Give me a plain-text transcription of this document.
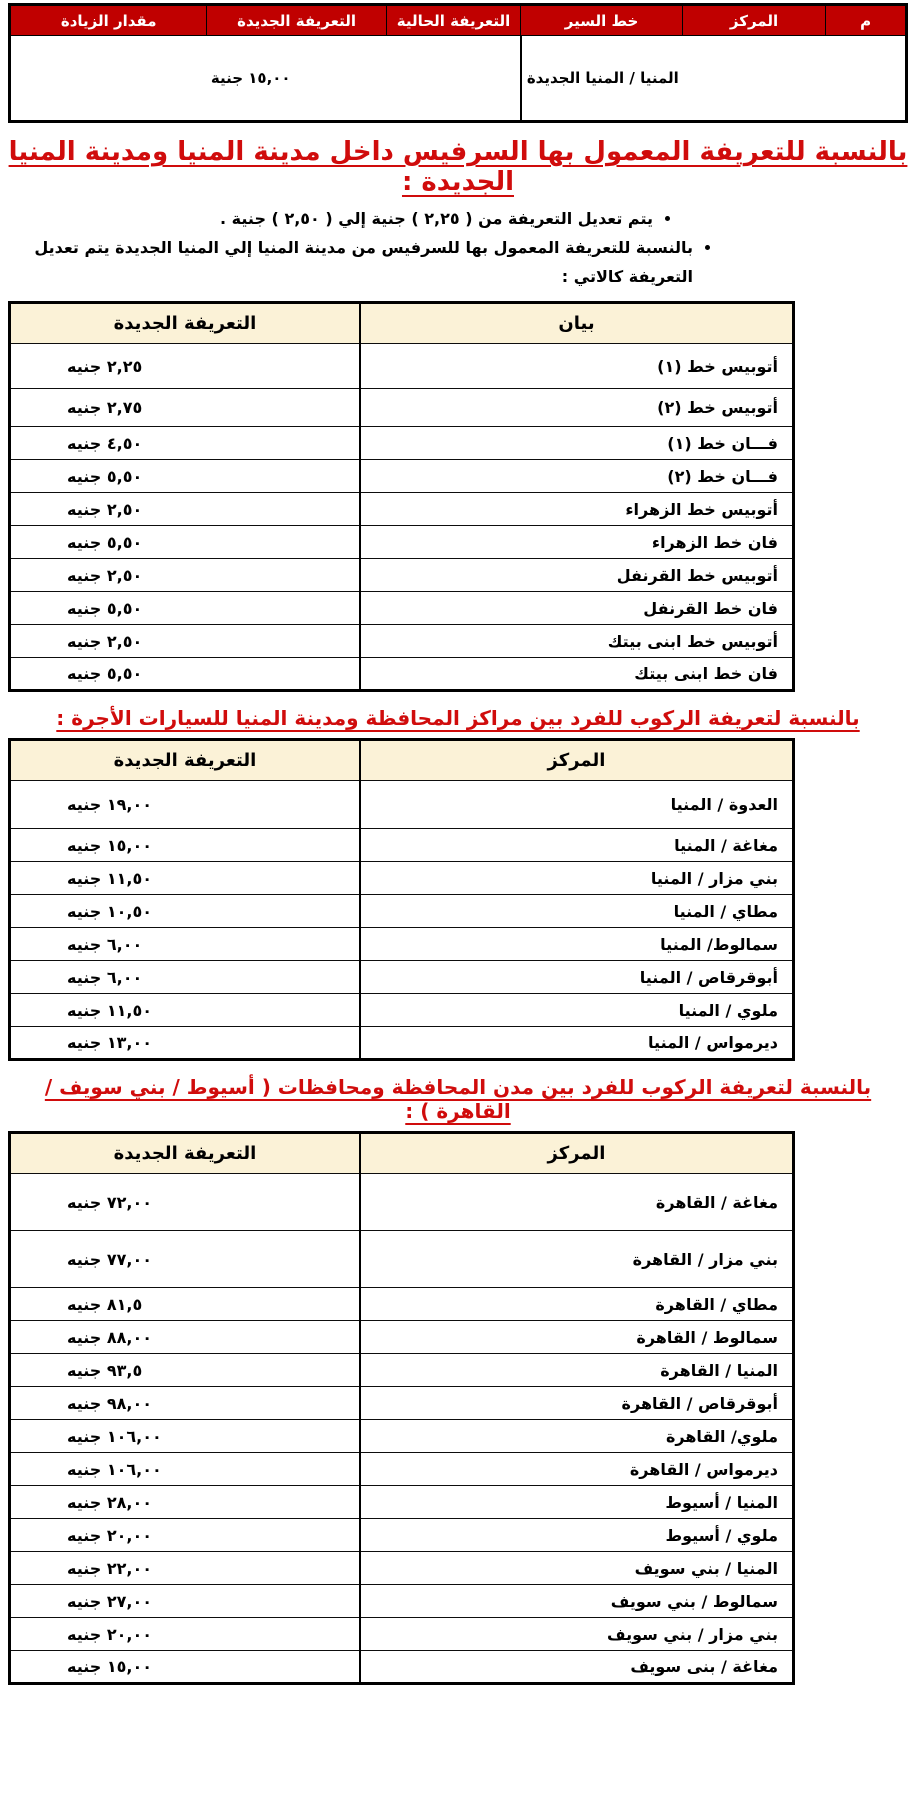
م	المركز	خط السير	التعريفة الحالية	التعريفة الجديدة	مقدار الزيادة
		المنيا / المنيا الجديدة		١٥,٠٠ جنية	
بالنسبة للتعريفة المعمول بها السرفيس داخل مدينة المنيا ومدينة المنيا الجديدة :
• يتم تعديل التعريفة من ( ٢,٢٥ ) جنية إلي ( ٢,٥٠ ) جنية .
• بالنسبة للتعريفة المعمول بها للسرفيس من مدينة المنيا إلي المنيا الجديدة يتم تعديل التعريفة كالاتي :
بيان	التعريفة الجديدة
أتوبيس خط (١)	٢,٢٥ جنيه
أتوبيس خط (٢)	٢,٧٥ جنيه
فـــان خط (١)	٤,٥٠ جنيه
فـــان خط (٢)	٥,٥٠ جنيه
أتوبيس خط الزهراء	٢,٥٠ جنيه
فان خط الزهراء	٥,٥٠ جنيه
أتوبيس خط القرنفل	٢,٥٠ جنيه
فان خط القرنفل	٥,٥٠ جنيه
أتوبيس خط ابنى بيتك	٢,٥٠ جنيه
فان خط ابنى بيتك	٥,٥٠ جنيه
بالنسبة لتعريفة الركوب للفرد بين مراكز المحافظة ومدينة المنيا للسيارات الأجرة :
المركز	التعريفة الجديدة
العدوة / المنيا	١٩,٠٠ جنيه
مغاغة / المنيا	١٥,٠٠ جنيه
بني مزار / المنيا	١١,٥٠ جنيه
مطاي / المنيا	١٠,٥٠ جنيه
سمالوط/ المنيا	٦,٠٠ جنيه
أبوقرقاص / المنيا	٦,٠٠ جنيه
ملوي / المنيا	١١,٥٠ جنيه
ديرمواس / المنيا	١٣,٠٠ جنيه
بالنسبة لتعريفة الركوب للفرد بين مدن المحافظة ومحافظات ( أسيوط / بني سويف / القاهرة ) :
المركز	التعريفة الجديدة
مغاغة / القاهرة	٧٢,٠٠ جنيه
بني مزار / القاهرة	٧٧,٠٠ جنيه
مطاي / القاهرة	٨١,٥ جنيه
سمالوط / القاهرة	٨٨,٠٠ جنيه
المنيا / القاهرة	٩٣,٥ جنيه
أبوقرقاص / القاهرة	٩٨,٠٠ جنيه
ملوي/ القاهرة	١٠٦,٠٠ جنيه
ديرمواس / القاهرة	١٠٦,٠٠ جنيه
المنيا / أسيوط	٢٨,٠٠ جنيه
ملوي / أسيوط	٢٠,٠٠ جنيه
المنيا / بني سويف	٢٢,٠٠ جنيه
سمالوط / بني سويف	٢٧,٠٠ جنيه
بني مزار / بني سويف	٢٠,٠٠ جنيه
مغاغة / بنى سويف	١٥,٠٠ جنيه
